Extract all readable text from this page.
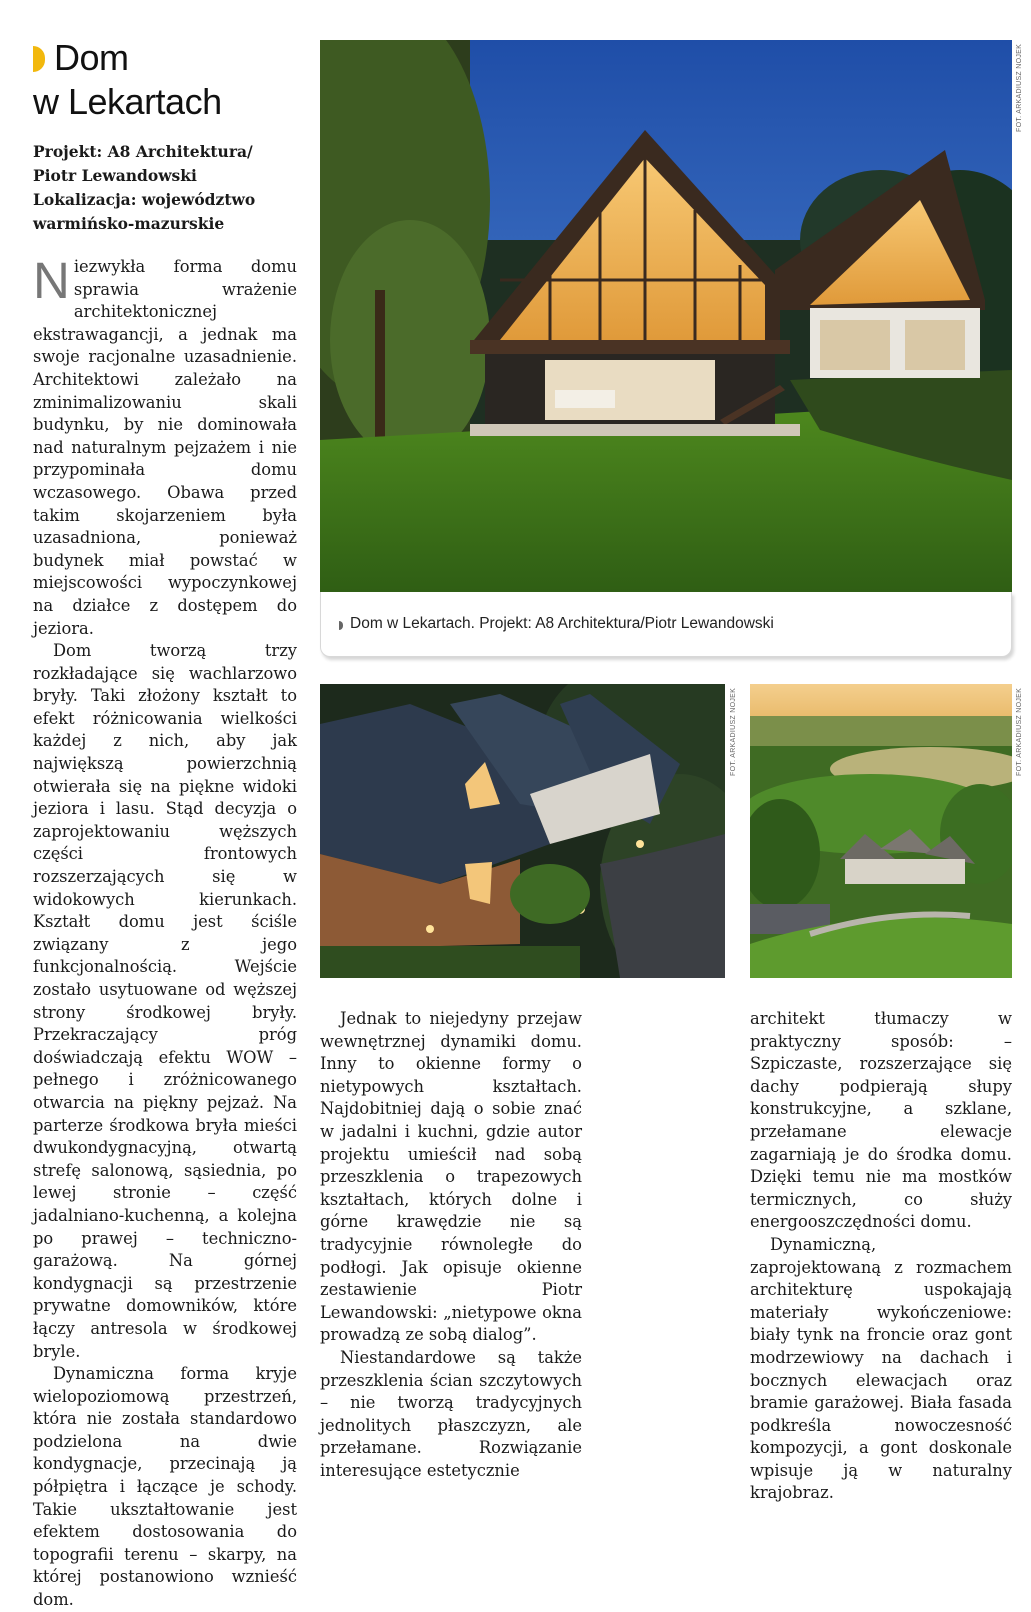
Dom
w Lekartach
Projekt: A8 Architektura/
Piotr Lewandowski
Lokalizacja: województwo
warmińsko-mazurskie

Niezwykła forma domu sprawia wrażenie architektonicznej ekstrawagancji, a jednak ma swoje racjonalne uzasadnienie. Architektowi zależało na zminimalizowaniu skali budynku, by nie dominowała nad naturalnym pejzażem i nie przypominała domu wczasowego. Obawa przed takim skojarzeniem była uzasadniona, ponieważ budynek miał powstać w miejscowości wypoczynkowej na działce z dostępem do jeziora.

Dom tworzą trzy rozkładające się wachlarzowo bryły. Taki złożony kształt to efekt różnicowania wielkości każdej z nich, aby jak największą powierzchnią otwierała się na piękne widoki jeziora i lasu. Stąd decyzja o zaprojektowaniu węższych części frontowych rozszerzających się w widokowych kierunkach. Kształt domu jest ściśle związany z jego funkcjonalnością. Wejście zostało usytuowane od węższej strony środkowej bryły. Przekraczający próg doświadczają efektu WOW – pełnego i zróżnicowanego otwarcia na piękny pejzaż. Na parterze środkowa bryła mieści dwukondygnacyjną, otwartą strefę salonową, sąsiednia, po lewej stronie – część jadalniano-kuchenną, a kolejna po prawej – techniczno-garażową. Na górnej kondygnacji są przestrzenie prywatne domowników, które łączy antresola w środkowej bryle.

Dynamiczna forma kryje wielopoziomową przestrzeń, która nie została standardowo podzielona na dwie kondygnacje, przecinają ją półpiętra i łączące je schody. Takie ukształtowanie jest efektem dostosowania do topografii terenu – skarpy, na której postanowiono wznieść dom.

FOT. ARKADIUSZ NOJEK
Dom w Lekartach. Projekt: A8 Architektura/Piotr Lewandowski
FOT. ARKADIUSZ NOJEK	FOT. ARKADIUSZ NOJEK

Jednak to niejedyny przejaw wewnętrznej dynamiki domu. Inny to okienne formy o nietypowych kształtach. Najdobitniej dają o sobie znać w jadalni i kuchni, gdzie autor projektu umieścił nad sobą przeszklenia o trapezowych kształtach, których dolne i górne krawędzie nie są tradycyjnie równoległe do podłogi. Jak opisuje okienne zestawienie Piotr Lewandowski: „nietypowe okna prowadzą ze sobą dialog”.

Niestandardowe są także przeszklenia ścian szczytowych – nie tworzą tradycyjnych jednolitych płaszczyzn, ale przełamane. Rozwiązanie interesujące estetycznie

architekt tłumaczy w praktyczny sposób: – Szpiczaste, rozszerzające się dachy podpierają słupy konstrukcyjne, a szklane, przełamane elewacje zagarniają je do środka domu. Dzięki temu nie ma mostków termicznych, co służy energooszczędności domu.

Dynamiczną, zaprojektowaną z rozmachem architekturę uspokajają materiały wykończeniowe: biały tynk na froncie oraz gont modrzewiowy na dachach i bocznych elewacjach oraz bramie garażowej. Biała fasada podkreśla nowoczesność kompozycji, a gont doskonale wpisuje ją w naturalny krajobraz.
